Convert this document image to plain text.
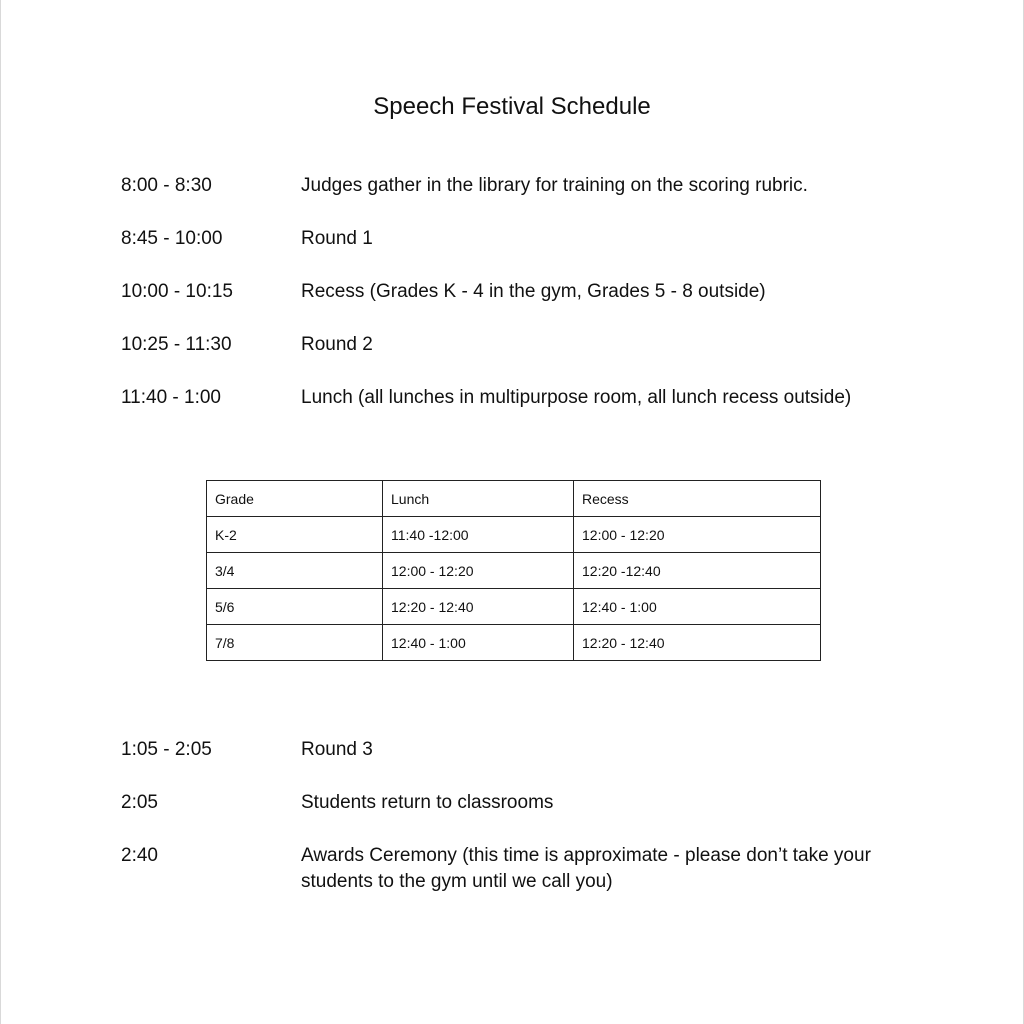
Speech Festival Schedule
8:00 - 8:30	Judges gather in the library for training on the scoring rubric.
8:45 - 10:00	Round 1
10:00 - 10:15	Recess (Grades K - 4 in the gym, Grades 5 - 8 outside)
10:25 - 11:30	Round 2
11:40 - 1:00	Lunch (all lunches in multipurpose room, all lunch recess outside)
Grade	Lunch	Recess
K-2	11:40 -12:00	12:00 - 12:20
3/4	12:00 - 12:20	12:20 -12:40
5/6	12:20 - 12:40	12:40 - 1:00
7/8	12:40 - 1:00	12:20 - 12:40
1:05 - 2:05	Round 3
2:05	Students return to classrooms
2:40	Awards Ceremony (this time is approximate - please don’t take your students to the gym until we call you)
